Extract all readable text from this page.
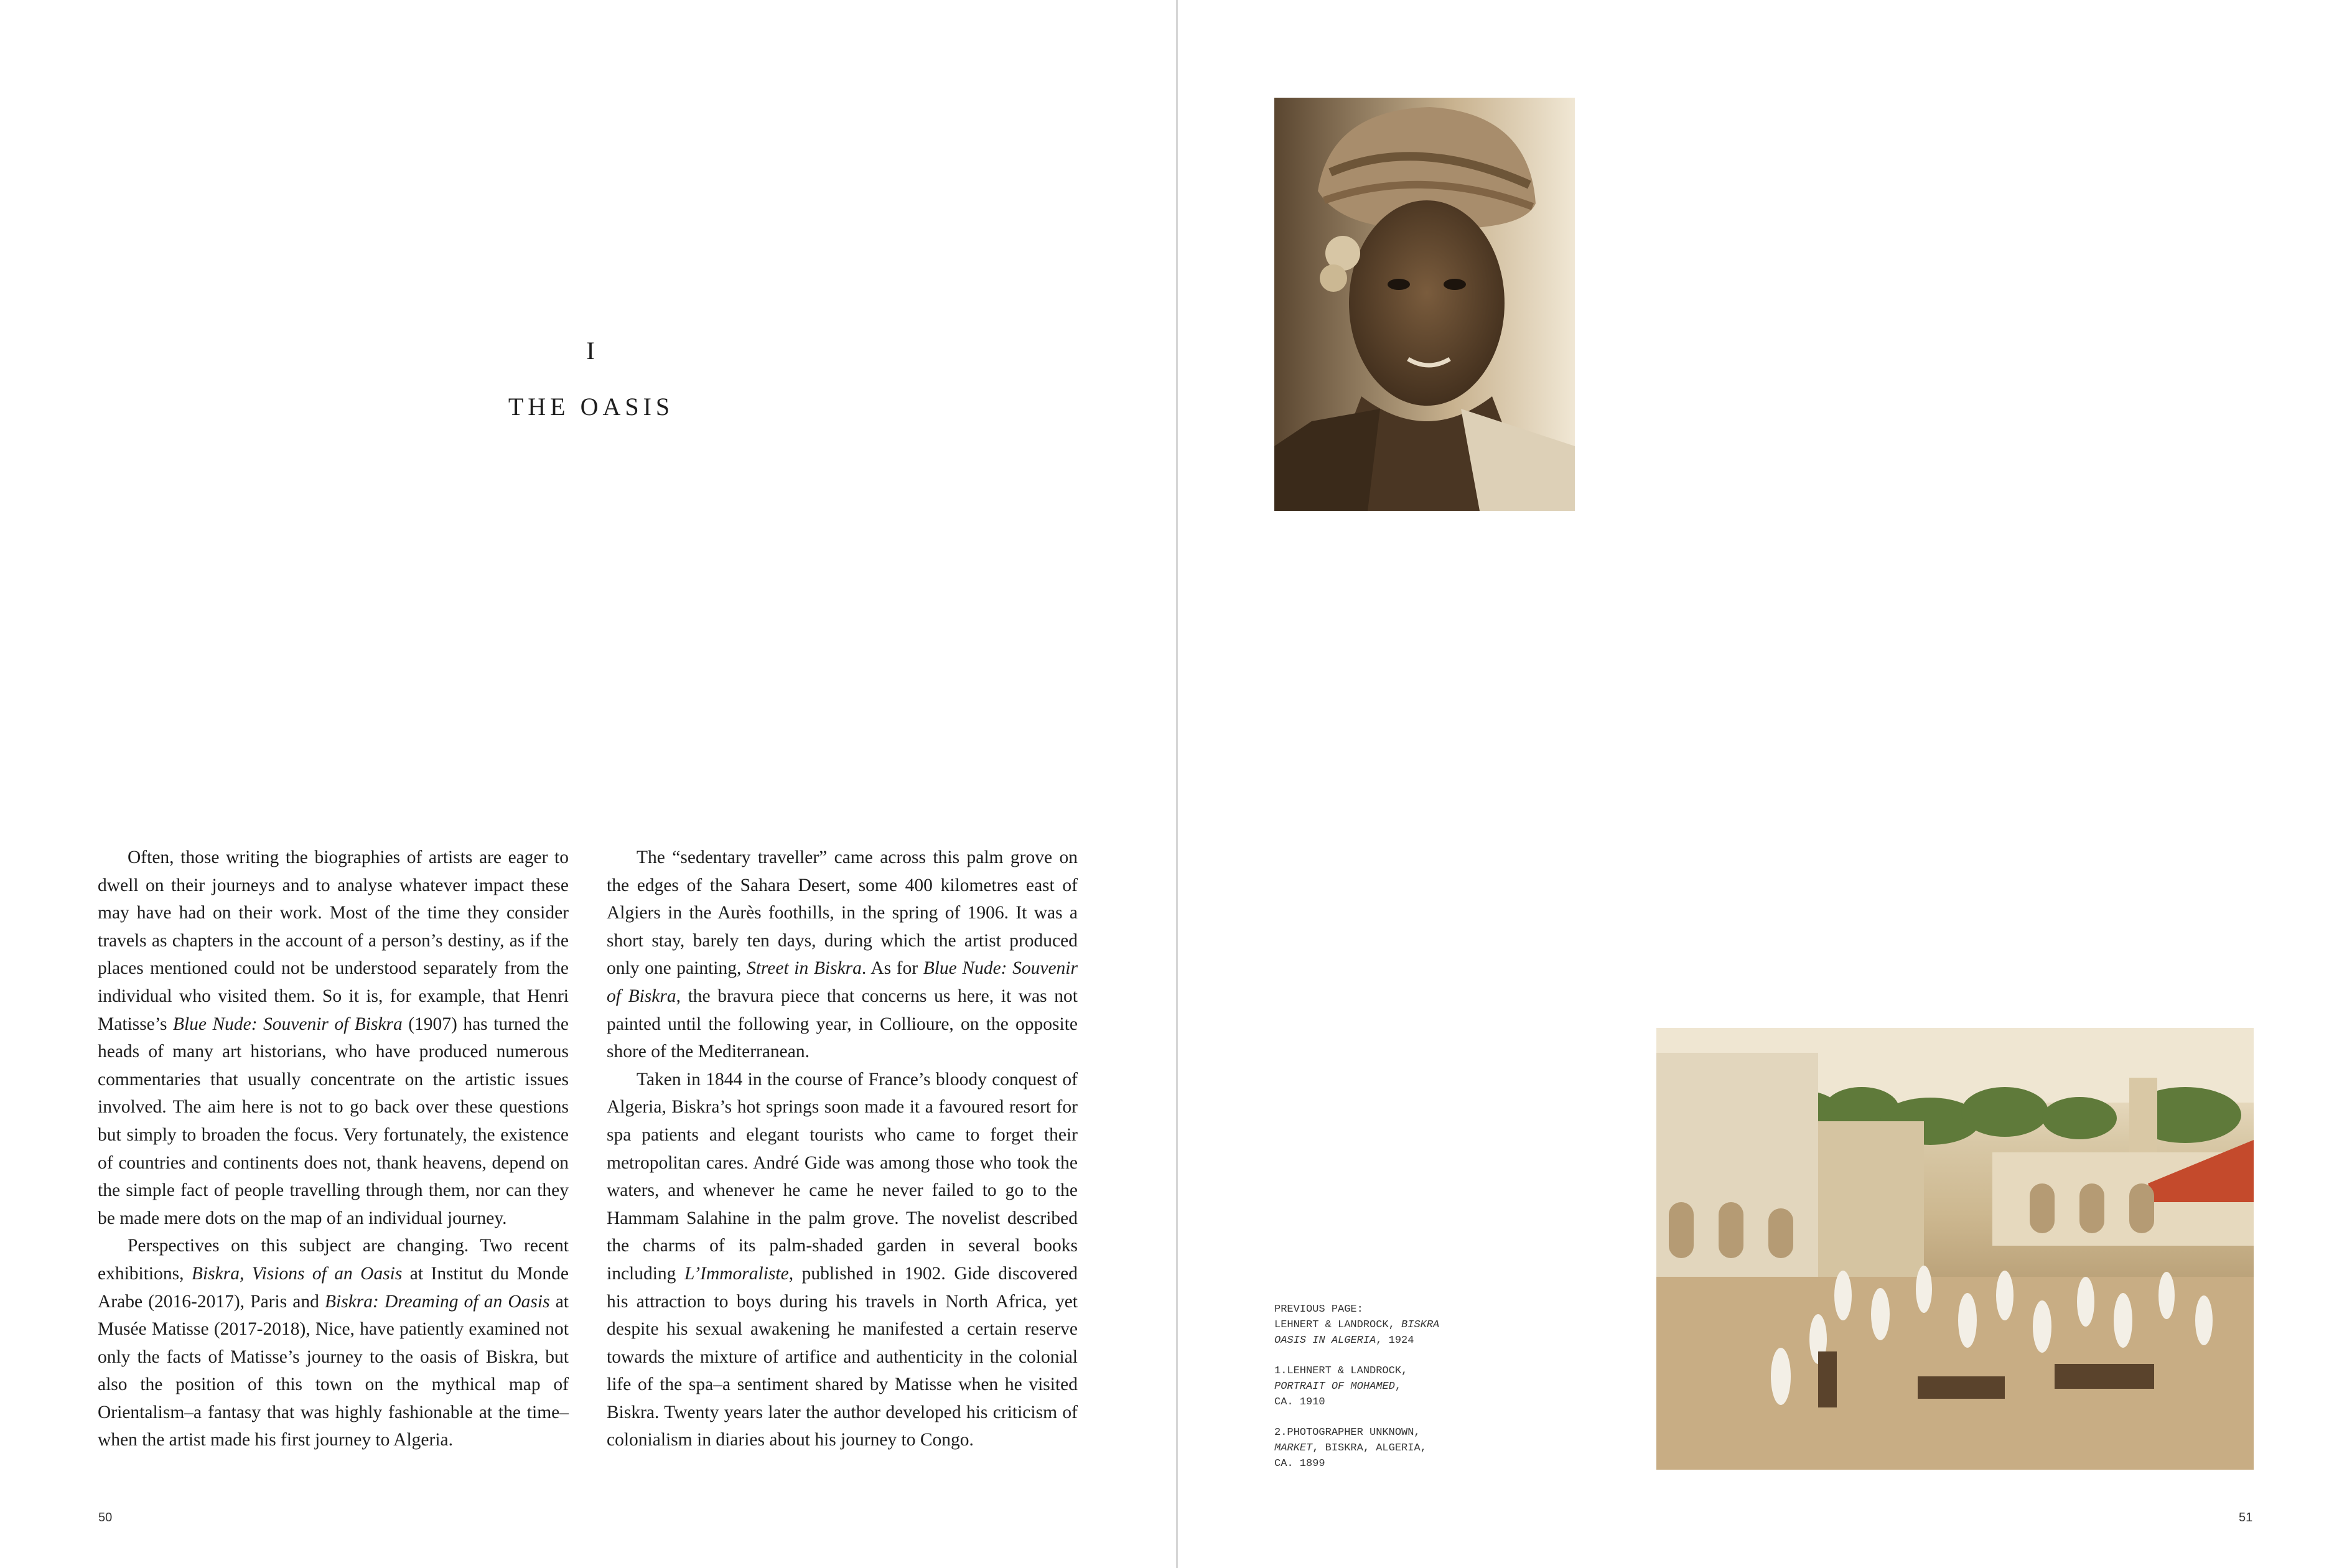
I
THE OASIS

Often, those writing the biographies of artists are eager to dwell on their journeys and to analyse whatever impact these may have had on their work. Most of the time they consider travels as chapters in the account of a person’s destiny, as if the places mentioned could not be understood separately from the individual who visited them. So it is, for example, that Henri Matisse’s Blue Nude: Souvenir of Biskra (1907) has turned the heads of many art historians, who have produced numerous commentaries that usually concentrate on the artistic issues involved. The aim here is not to go back over these questions but simply to broaden the focus. Very fortunately, the existence of countries and continents does not, thank heavens, depend on the simple fact of people travelling through them, nor can they be made mere dots on the map of an individual journey.

Perspectives on this subject are changing. Two recent exhibitions, Biskra, Visions of an Oasis at Institut du Monde Arabe (2016-2017), Paris and Biskra: Dreaming of an Oasis at Musée Matisse (2017-2018), Nice, have patiently examined not only the facts of Matisse’s journey to the oasis of Biskra, but also the position of this town on the mythical map of Orientalism–a fantasy that was highly fashionable at the time–when the artist made his first journey to Algeria.

The “sedentary traveller” came across this palm grove on the edges of the Sahara Desert, some 400 kilometres east of Algiers in the Aurès foothills, in the spring of 1906. It was a short stay, barely ten days, during which the artist produced only one painting, Street in Biskra. As for Blue Nude: Souvenir of Biskra, the bravura piece that concerns us here, it was not painted until the following year, in Collioure, on the opposite shore of the Mediterranean.

Taken in 1844 in the course of France’s bloody conquest of Algeria, Biskra’s hot springs soon made it a favoured resort for spa patients and elegant tourists who came to forget their metropolitan cares. André Gide was among those who took the waters, and whenever he came he never failed to go to the Hammam Salahine in the palm grove. The novelist described the charms of its palm-shaded garden in several books including L’Immoraliste, published in 1902. Gide discovered his attraction to boys during his travels in North Africa, yet despite his sexual awakening he manifested a certain reserve towards the mixture of artifice and authenticity in the colonial life of the spa–a sentiment shared by Matisse when he visited Biskra. Twenty years later the author developed his criticism of colonialism in diaries about his journey to Congo.

50
PREVIOUS PAGE:
LEHNERT & LANDROCK, BISKRA
OASIS IN ALGERIA, 1924
1.LEHNERT & LANDROCK,
PORTRAIT OF MOHAMED,
CA. 1910
2.PHOTOGRAPHER UNKNOWN,
MARKET, BISKRA, ALGERIA,
CA. 1899
51
